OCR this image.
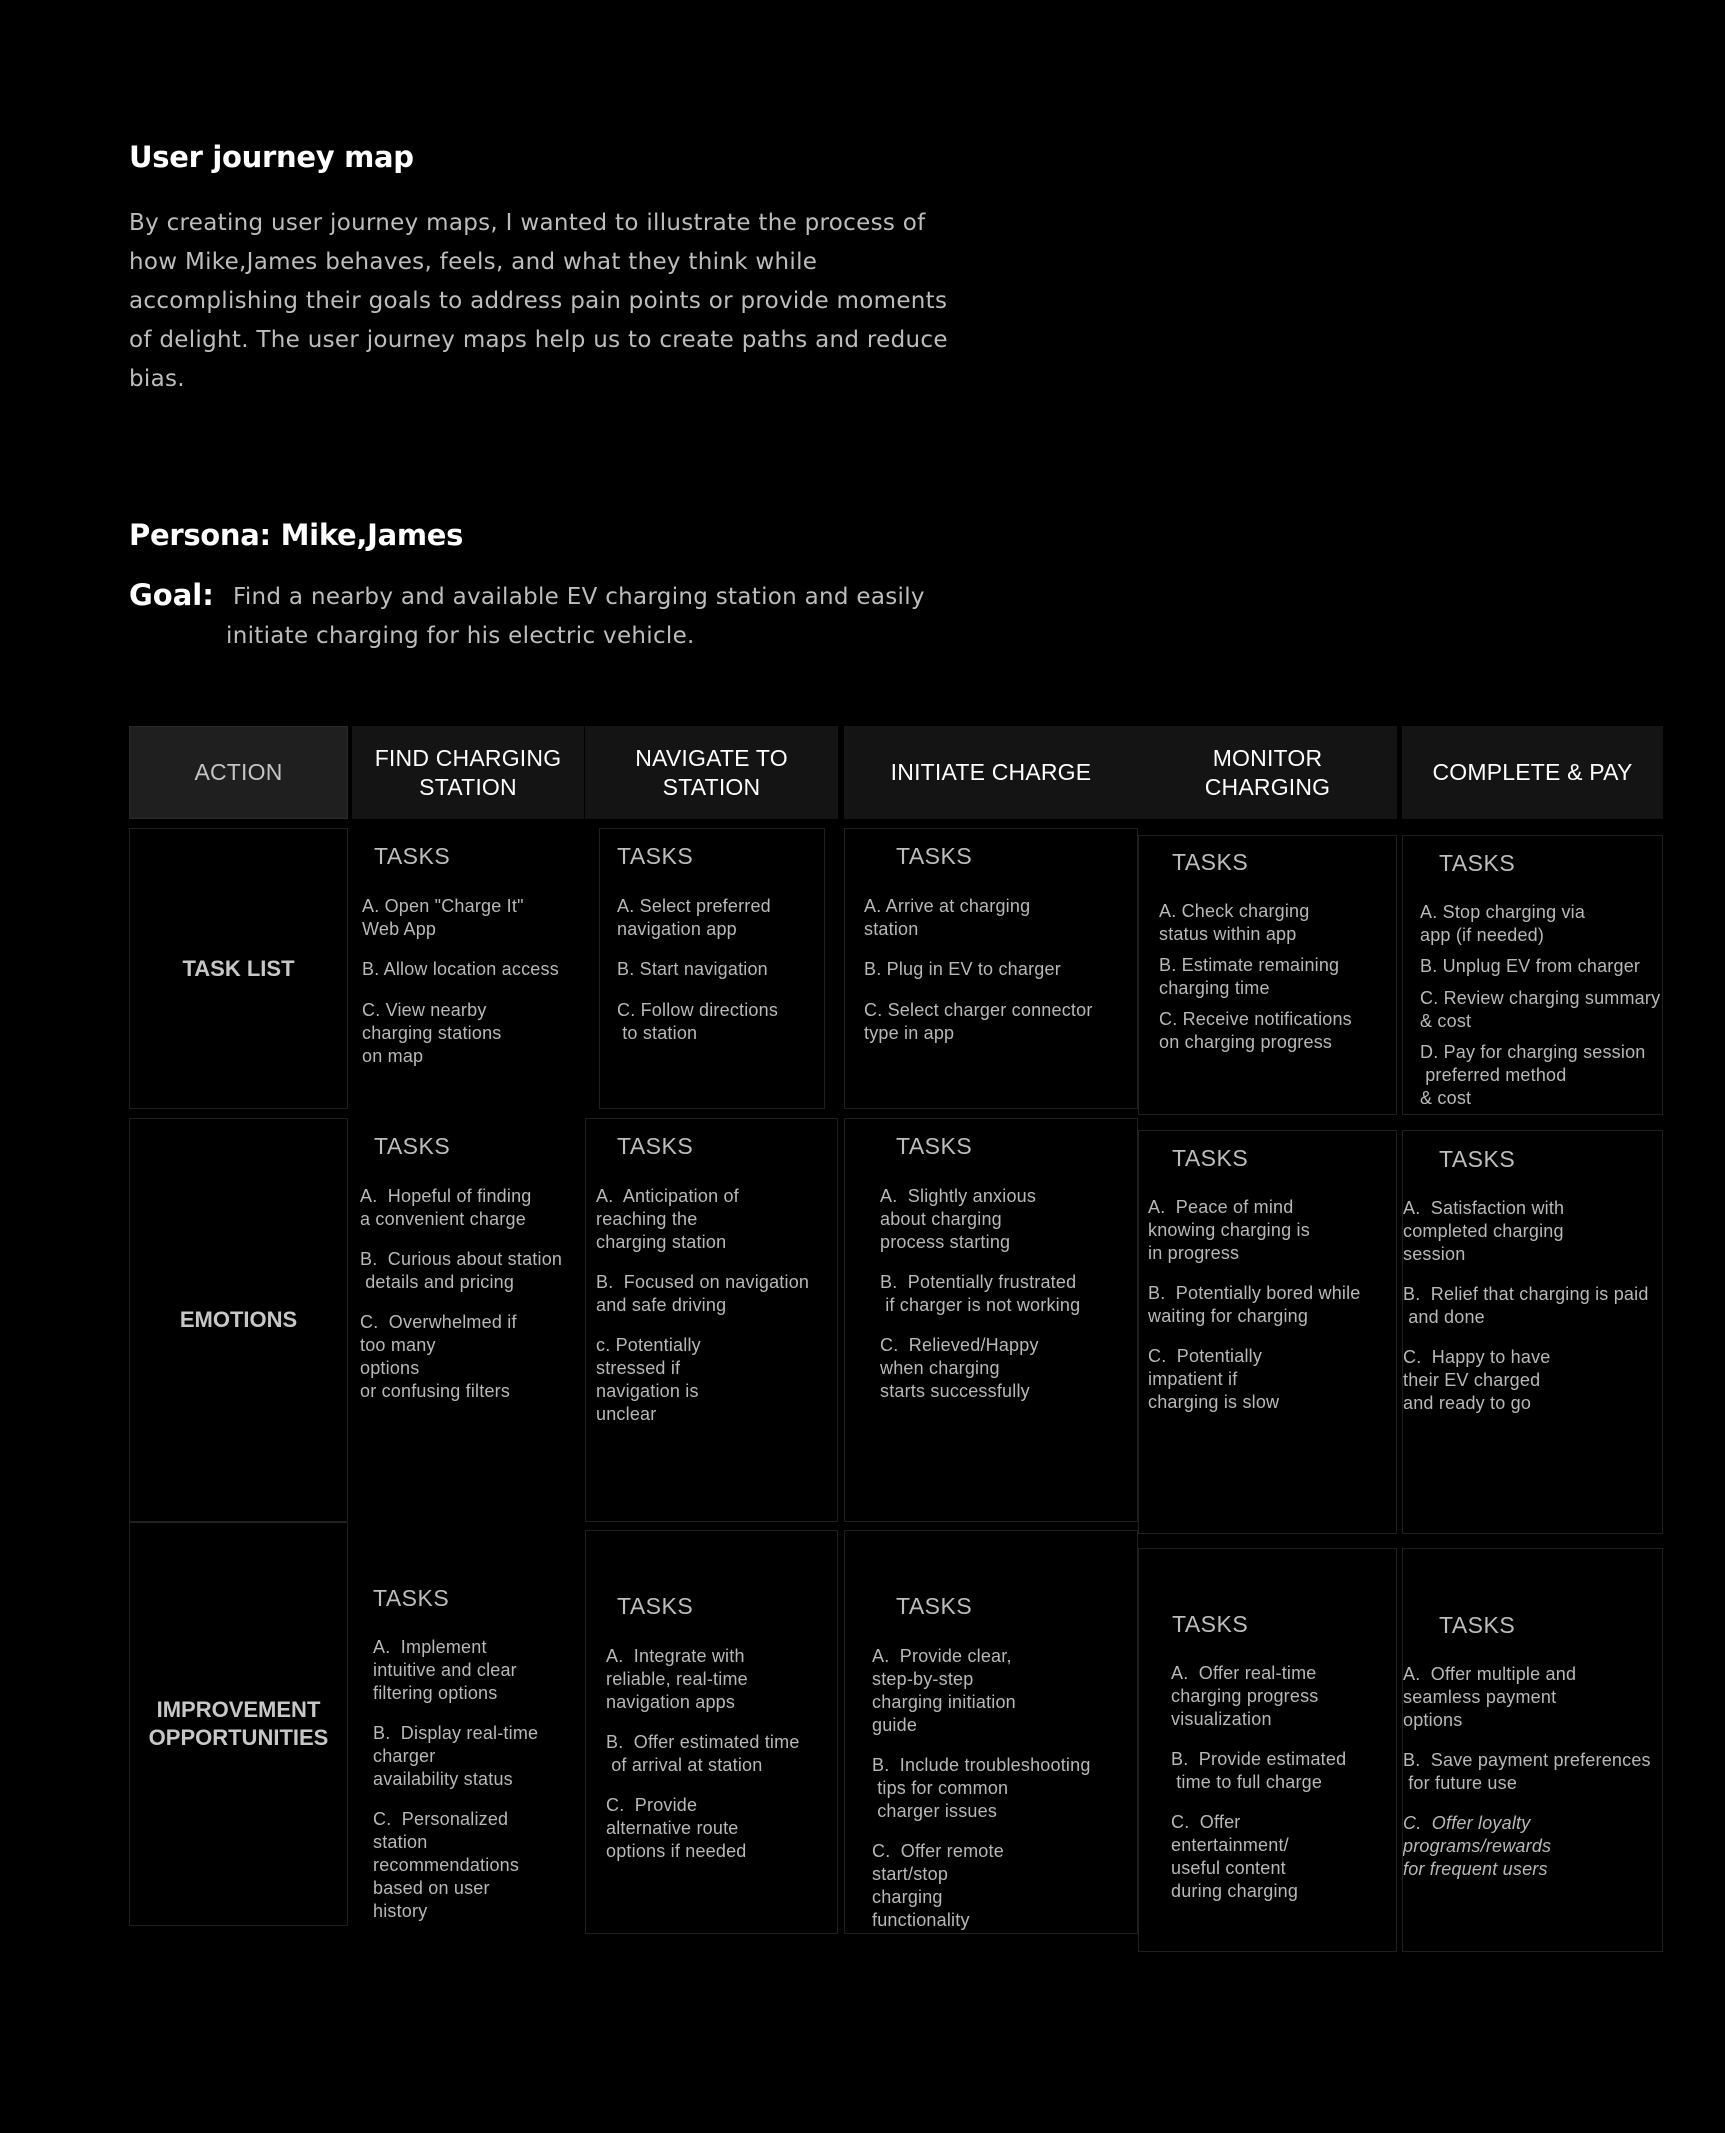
User journey map
By creating user journey maps, I wanted to illustrate the process of how Mike,James behaves, feels, and what they think while accomplishing their goals to address pain points or provide moments of delight. The user journey maps help us to create paths and reduce bias.
Persona: Mike,James
Goal: Find a nearby and available EV charging station and easily initiate charging for his electric vehicle.
ACTION
FIND CHARGING
STATION
NAVIGATE TO
STATION
INITIATE CHARGE
MONITOR
CHARGING
COMPLETE & PAY
TASK LIST
EMOTIONS
IMPROVEMENT
OPPORTUNITIES
TASKS
A. Open "Charge It"
Web App
B. Allow location access
C. View nearby
charging stations
on map
TASKS
A. Select preferred
navigation app
B. Start navigation
C. Follow directions
to station
TASKS
A. Arrive at charging
station
B. Plug in EV to charger
C. Select charger connector
type in app
TASKS
A. Check charging
status within app
B. Estimate remaining
charging time
C. Receive notifications
on charging progress
TASKS
A. Stop charging via
app (if needed)
B. Unplug EV from charger
C. Review charging summary
& cost
D. Pay for charging session
preferred method
& cost
TASKS
A.  Hopeful of finding
a convenient charge
B.  Curious about station
details and pricing
C.  Overwhelmed if
too many
options
or confusing filters
TASKS
A.  Anticipation of
reaching the
charging station
B.  Focused on navigation
and safe driving
c. Potentially
stressed if
navigation is
unclear
TASKS
A.  Slightly anxious
about charging
process starting
B.  Potentially frustrated
if charger is not working
C.  Relieved/Happy
when charging
starts successfully
TASKS
A.  Peace of mind
knowing charging is
in progress
B.  Potentially bored while
waiting for charging
C.  Potentially
impatient if
charging is slow
TASKS
A.  Satisfaction with
completed charging
session
B.  Relief that charging is paid
and done
C.  Happy to have
their EV charged
and ready to go
TASKS
A.  Implement
intuitive and clear
filtering options
B.  Display real-time
charger
availability status
C.  Personalized
station
recommendations
based on user
history
TASKS
A.  Integrate with
reliable, real-time
navigation apps
B.  Offer estimated time
of arrival at station
C.  Provide
alternative route
options if needed
TASKS
A.  Provide clear,
step-by-step
charging initiation
guide
B.  Include troubleshooting
tips for common
charger issues
C.  Offer remote
start/stop
charging
functionality
TASKS
A.  Offer real-time
charging progress
visualization
B.  Provide estimated
time to full charge
C.  Offer
entertainment/
useful content
during charging
TASKS
A.  Offer multiple and
seamless payment
options
B.  Save payment preferences
for future use
C.  Offer loyalty
programs/rewards
for frequent users
